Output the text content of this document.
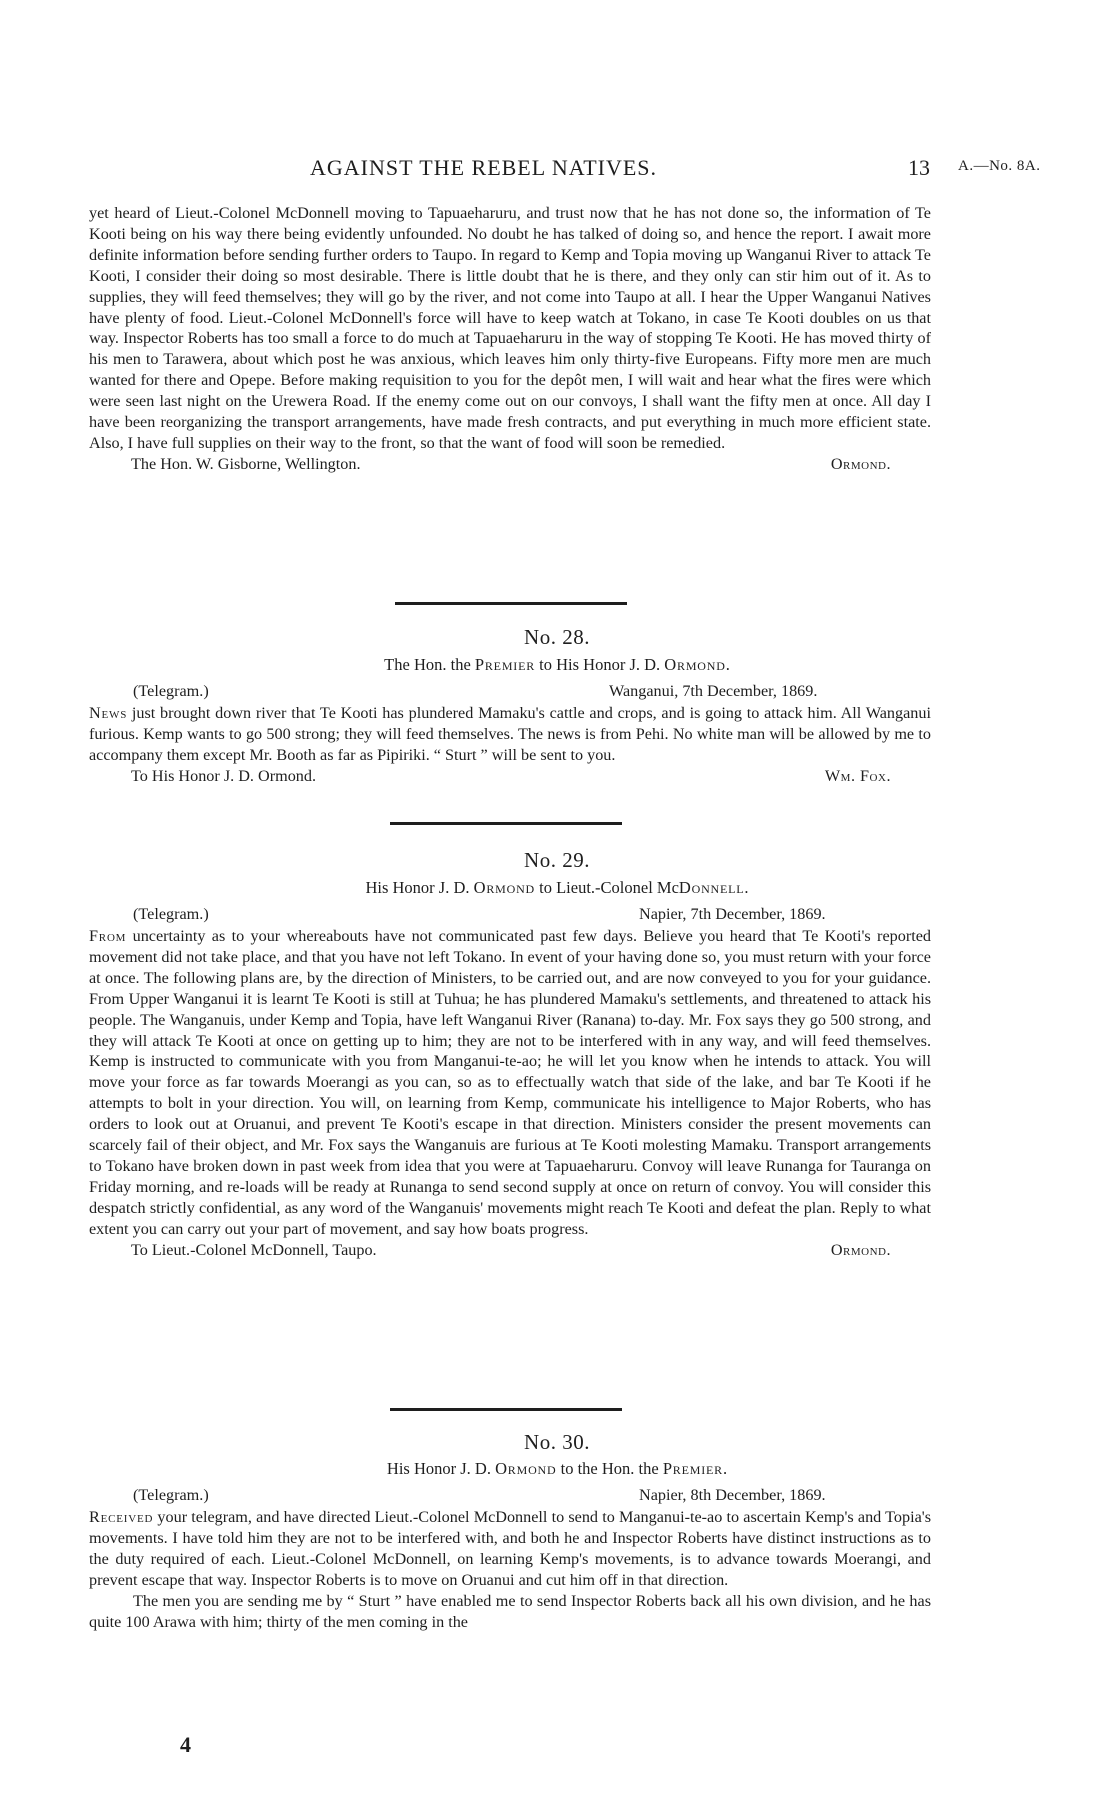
AGAINST THE REBEL NATIVES.	13 A.—No. 8A.

yet heard of Lieut.-Colonel McDonnell moving to Tapuaeharuru, and trust now that he has not done so, the information of Te Kooti being on his way there being evidently unfounded. No doubt he has talked of doing so, and hence the report. I await more definite information before sending further orders to Taupo. In regard to Kemp and Topia moving up Wanganui River to attack Te Kooti, I consider their doing so most desirable. There is little doubt that he is there, and they only can stir him out of it. As to supplies, they will feed themselves; they will go by the river, and not come into Taupo at all. I hear the Upper Wanganui Natives have plenty of food. Lieut.-Colonel McDonnell's force will have to keep watch at Tokano, in case Te Kooti doubles on us that way. Inspector Roberts has too small a force to do much at Tapuaeharuru in the way of stopping Te Kooti. He has moved thirty of his men to Tarawera, about which post he was anxious, which leaves him only thirty-five Europeans. Fifty more men are much wanted for there and Opepe. Before making requisition to you for the depôt men, I will wait and hear what the fires were which were seen last night on the Urewera Road. If the enemy come out on our convoys, I shall want the fifty men at once. All day I have been reorganizing the transport arrangements, have made fresh contracts, and put everything in much more efficient state. Also, I have full supplies on their way to the front, so that the want of food will soon be remedied.

The Hon. W. Gisborne, Wellington.	Ormond.
No. 28.
The Hon. the Premier to His Honor J. D. Ormond.
(Telegram.)	Wanganui, 7th December, 1869.

News just brought down river that Te Kooti has plundered Mamaku's cattle and crops, and is going to attack him. All Wanganui furious. Kemp wants to go 500 strong; they will feed themselves. The news is from Pehi. No white man will be allowed by me to accompany them except Mr. Booth as far as Pipiriki. “ Sturt ” will be sent to you.

To His Honor J. D. Ormond.	Wm. Fox.
No. 29.
His Honor J. D. Ormond to Lieut.-Colonel McDonnell.
(Telegram.)	Napier, 7th December, 1869.

From uncertainty as to your whereabouts have not communicated past few days. Believe you heard that Te Kooti's reported movement did not take place, and that you have not left Tokano. In event of your having done so, you must return with your force at once. The following plans are, by the direction of Ministers, to be carried out, and are now conveyed to you for your guidance. From Upper Wanganui it is learnt Te Kooti is still at Tuhua; he has plundered Mamaku's settlements, and threatened to attack his people. The Wanganuis, under Kemp and Topia, have left Wanganui River (Ranana) to-day. Mr. Fox says they go 500 strong, and they will attack Te Kooti at once on getting up to him; they are not to be interfered with in any way, and will feed themselves. Kemp is instructed to communicate with you from Manganui-te-ao; he will let you know when he intends to attack. You will move your force as far towards Moerangi as you can, so as to effectually watch that side of the lake, and bar Te Kooti if he attempts to bolt in your direction. You will, on learning from Kemp, communicate his intelligence to Major Roberts, who has orders to look out at Oruanui, and prevent Te Kooti's escape in that direction. Ministers consider the present movements can scarcely fail of their object, and Mr. Fox says the Wanganuis are furious at Te Kooti molesting Mamaku. Transport arrangements to Tokano have broken down in past week from idea that you were at Tapuaeharuru. Convoy will leave Runanga for Tauranga on Friday morning, and re-loads will be ready at Runanga to send second supply at once on return of convoy. You will consider this despatch strictly confidential, as any word of the Wanganuis' movements might reach Te Kooti and defeat the plan. Reply to what extent you can carry out your part of movement, and say how boats progress.

To Lieut.-Colonel McDonnell, Taupo.	Ormond.
No. 30.
His Honor J. D. Ormond to the Hon. the Premier.
(Telegram.)	Napier, 8th December, 1869.

Received your telegram, and have directed Lieut.-Colonel McDonnell to send to Manganui-te-ao to ascertain Kemp's and Topia's movements. I have told him they are not to be interfered with, and both he and Inspector Roberts have distinct instructions as to the duty required of each. Lieut.-Colonel McDonnell, on learning Kemp's movements, is to advance towards Moerangi, and prevent escape that way. Inspector Roberts is to move on Oruanui and cut him off in that direction.

The men you are sending me by “ Sturt ” have enabled me to send Inspector Roberts back all his own division, and he has quite 100 Arawa with him; thirty of the men coming in the

4
